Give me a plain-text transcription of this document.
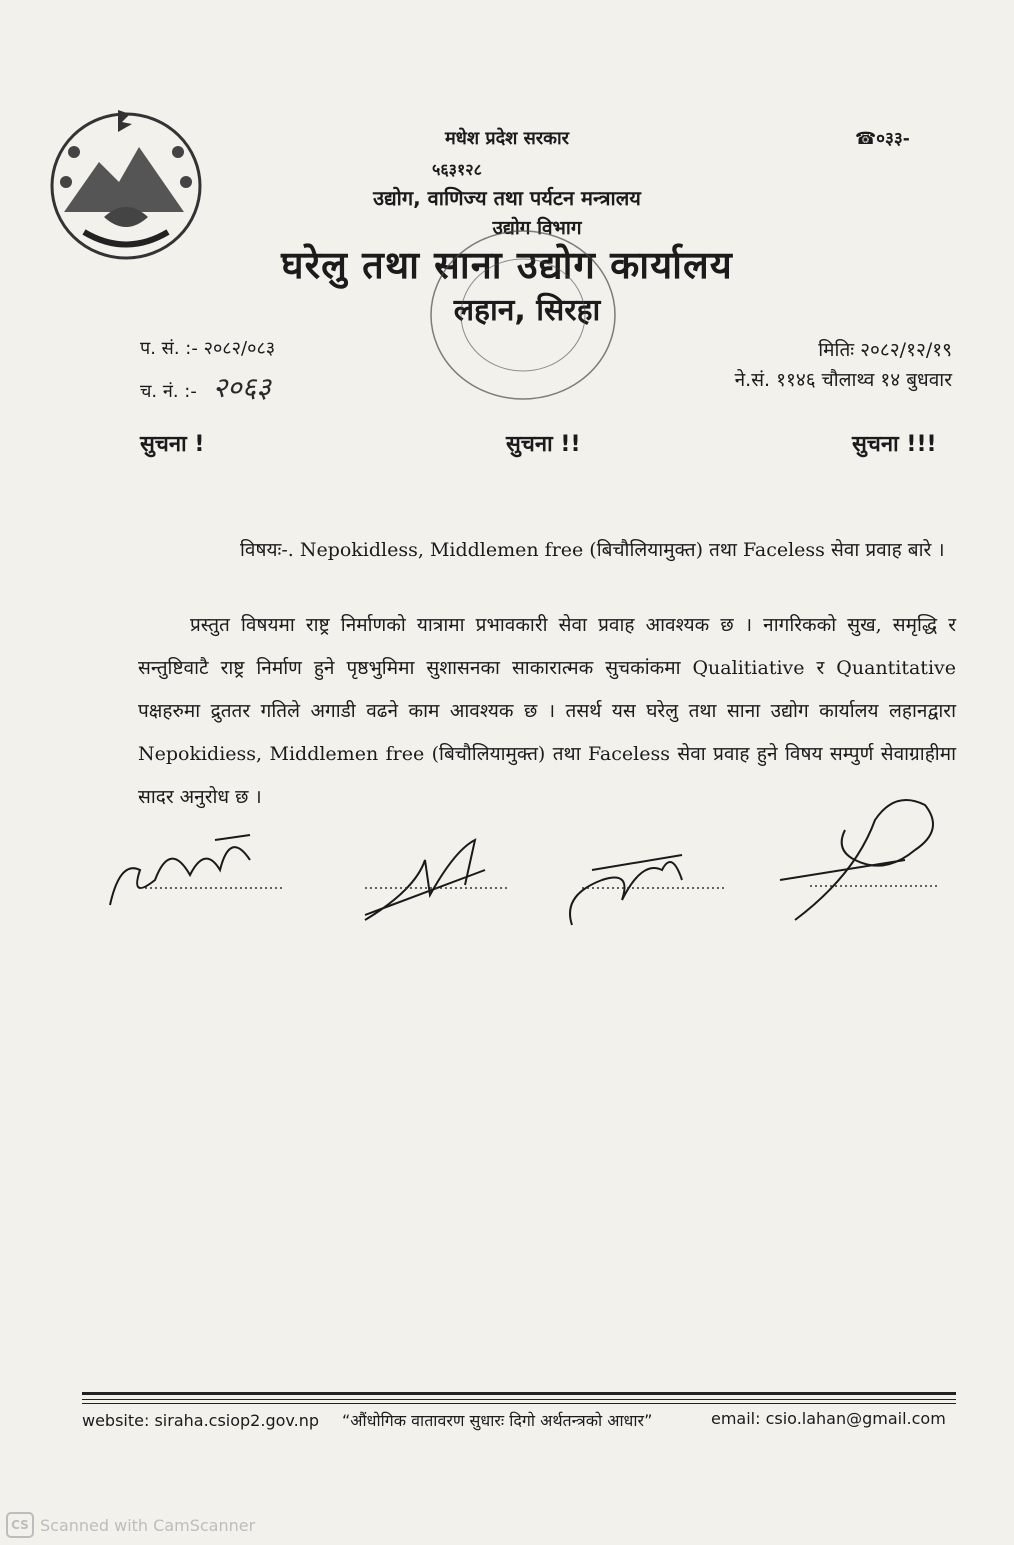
मधेश प्रदेश सरकार	☎०३३-
५६३१२८
उद्योग, वाणिज्य तथा पर्यटन मन्त्रालय
उद्योग विभाग
घरेलु तथा साना उद्योग कार्यालय
लहान, सिरहा
प. सं. :- २०८२/०८३
च. नं. :- २०६३
मितिः २०८२/१२/१९
ने.सं. ११४६ चौलाथ्व १४ बुधवार
सुचना !	सुचना !!	सुचना !!!
विषयः-. Nepokidless, Middlemen free (बिचौलियामुक्त) तथा Faceless सेवा प्रवाह बारे ।
प्रस्तुत विषयमा राष्ट्र निर्माणको यात्रामा प्रभावकारी सेवा प्रवाह आवश्यक छ । नागरिकको सुख, समृद्धि र सन्तुष्टिवाटै राष्ट्र निर्माण हुने पृष्ठभुमिमा सुशासनका साकारात्मक सुचकांकमा Qualitiative र Quantitative पक्षहरुमा द्रुततर गतिले अगाडी वढने काम आवश्यक छ । तसर्थ यस घरेलु तथा साना उद्योग कार्यालय लहानद्वारा Nepokidiess, Middlemen free (बिचौलियामुक्त) तथा Faceless सेवा प्रवाह हुने विषय सम्पुर्ण सेवाग्राहीमा सादर अनुरोध छ ।
website: siraha.csiop2.gov.np “औंधोगिक वातावरण सुधारः दिगो अर्थतन्त्रको आधार”	email: csio.lahan@gmail.com
CS Scanned with CamScanner
